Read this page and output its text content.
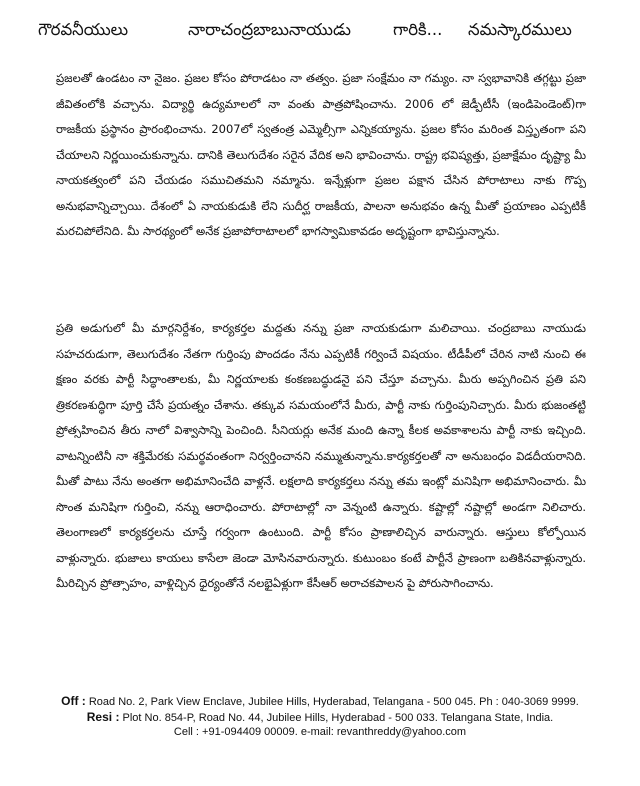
గౌరవనీయులు	నారాచంద్రబాబునాయుడు	గారికి... నమస్కారములు

ప్రజలతో ఉండటం నా నైజం. ప్రజల కోసం పోరాడటం నా తత్వం. ప్రజా సంక్షేమం నా గమ్యం. నా స్వభావానికి తగ్గట్టు ప్రజా జీవితంలోకి వచ్చాను. విద్యార్థి ఉద్యమాలలో నా వంతు పాత్రపోషించాను. 2006 లో జెడ్పీటీసీ (ఇండిపెండెంట్)గా రాజకీయ ప్రస్థానం ప్రారంభించాను. 2007లో స్వతంత్ర ఎమ్మెల్సీగా ఎన్నికయ్యాను. ప్రజల కోసం మరింత విస్తృతంగా పని చేయాలని నిర్ణయించుకున్నాను. దానికి తెలుగుదేశం సరైన వేదిక అని భావించాను. రాష్ట్ర భవిష్యత్తు, ప్రజాక్షేమం దృష్ట్యా మీ నాయకత్వంలో పని చేయడం సముచితమని నమ్మాను. ఇన్నేళ్లుగా ప్రజల పక్షాన చేసిన పోరాటాలు నాకు గొప్ప అనుభవాన్నిచ్చాయి. దేశంలో ఏ నాయకుడుకి లేని సుదీర్ఘ రాజకీయ, పాలనా అనుభవం ఉన్న మీతో ప్రయాణం ఎప్పటికీ మరచిపోలేనిది. మీ సారథ్యంలో అనేక ప్రజాపోరాటాలలో భాగస్వామికావడం అదృష్టంగా భావిస్తున్నాను.

ప్రతి అడుగులో మీ మార్గనిర్దేశం, కార్యకర్తల మద్దతు నన్ను ప్రజా నాయకుడుగా మలిచాయి. చంద్రబాబు నాయుడు సహచరుడుగా, తెలుగుదేశం నేతగా గుర్తింపు పొందడం నేను ఎప్పటికీ గర్వించే విషయం. టీడీపీలో చేరిన నాటి నుంచి ఈ క్షణం వరకు పార్టీ సిద్ధాంతాలకు, మీ నిర్ణయాలకు కంకణబద్ధుడనై పని చేస్తూ వచ్చాను. మీరు అప్పగించిన ప్రతి పని త్రికరణశుద్ధిగా పూర్తి చేసే ప్రయత్నం చేశాను. తక్కువ సమయంలోనే మీరు, పార్టీ నాకు గుర్తింపునిచ్చారు. మీరు భుజంతట్టి ప్రోత్సహించిన తీరు నాలో విశ్వాసాన్ని పెంచింది. సీనియర్లు అనేక మంది ఉన్నా కీలక అవకాశాలను పార్టీ నాకు ఇచ్చింది. వాటన్నింటినీ నా శక్తిమేరకు సమర్థవంతంగా నిర్వర్తించానని నమ్ముతున్నాను.కార్యకర్తలతో నా అనుబంధం విడదీయరానిది. మీతో పాటు నేను అంతగా అభిమానించేది వాళ్లనే. లక్షలాది కార్యకర్తలు నన్ను తమ ఇంట్లో మనిషిగా అభిమానించారు. మీ సొంత మనిషిగా గుర్తించి, నన్ను ఆరాధించారు. పోరాటాల్లో నా వెన్నంటి ఉన్నారు. కష్టాల్లో నష్టాల్లో అండగా నిలిచారు. తెలంగాణలో కార్యకర్తలను చూస్తే గర్వంగా ఉంటుంది. పార్టీ కోసం ప్రాణాలిచ్చిన వారున్నారు. ఆస్తులు కోల్పోయిన వాళ్లున్నారు. భుజాలు కాయలు కాసేలా జెండా మోసినవారున్నారు. కుటుంబం కంటే పార్టీనే ప్రాణంగా బతికినవాళ్లున్నారు. మీరిచ్చిన ప్రోత్సాహం, వాళ్లిచ్చిన ధైర్యంతోనే నలభైఏళ్లుగా కేసీఆర్ అరాచకపాలన పై పోరుసాగించాను.

Off : Road No. 2, Park View Enclave, Jubilee Hills, Hyderabad, Telangana - 500 045. Ph : 040-3069 9999.
Resi : Plot No. 854-P, Road No. 44, Jubilee Hills, Hyderabad - 500 033. Telangana State, India.
Cell : +91-094409 00009. e-mail: revanthreddy@yahoo.com
